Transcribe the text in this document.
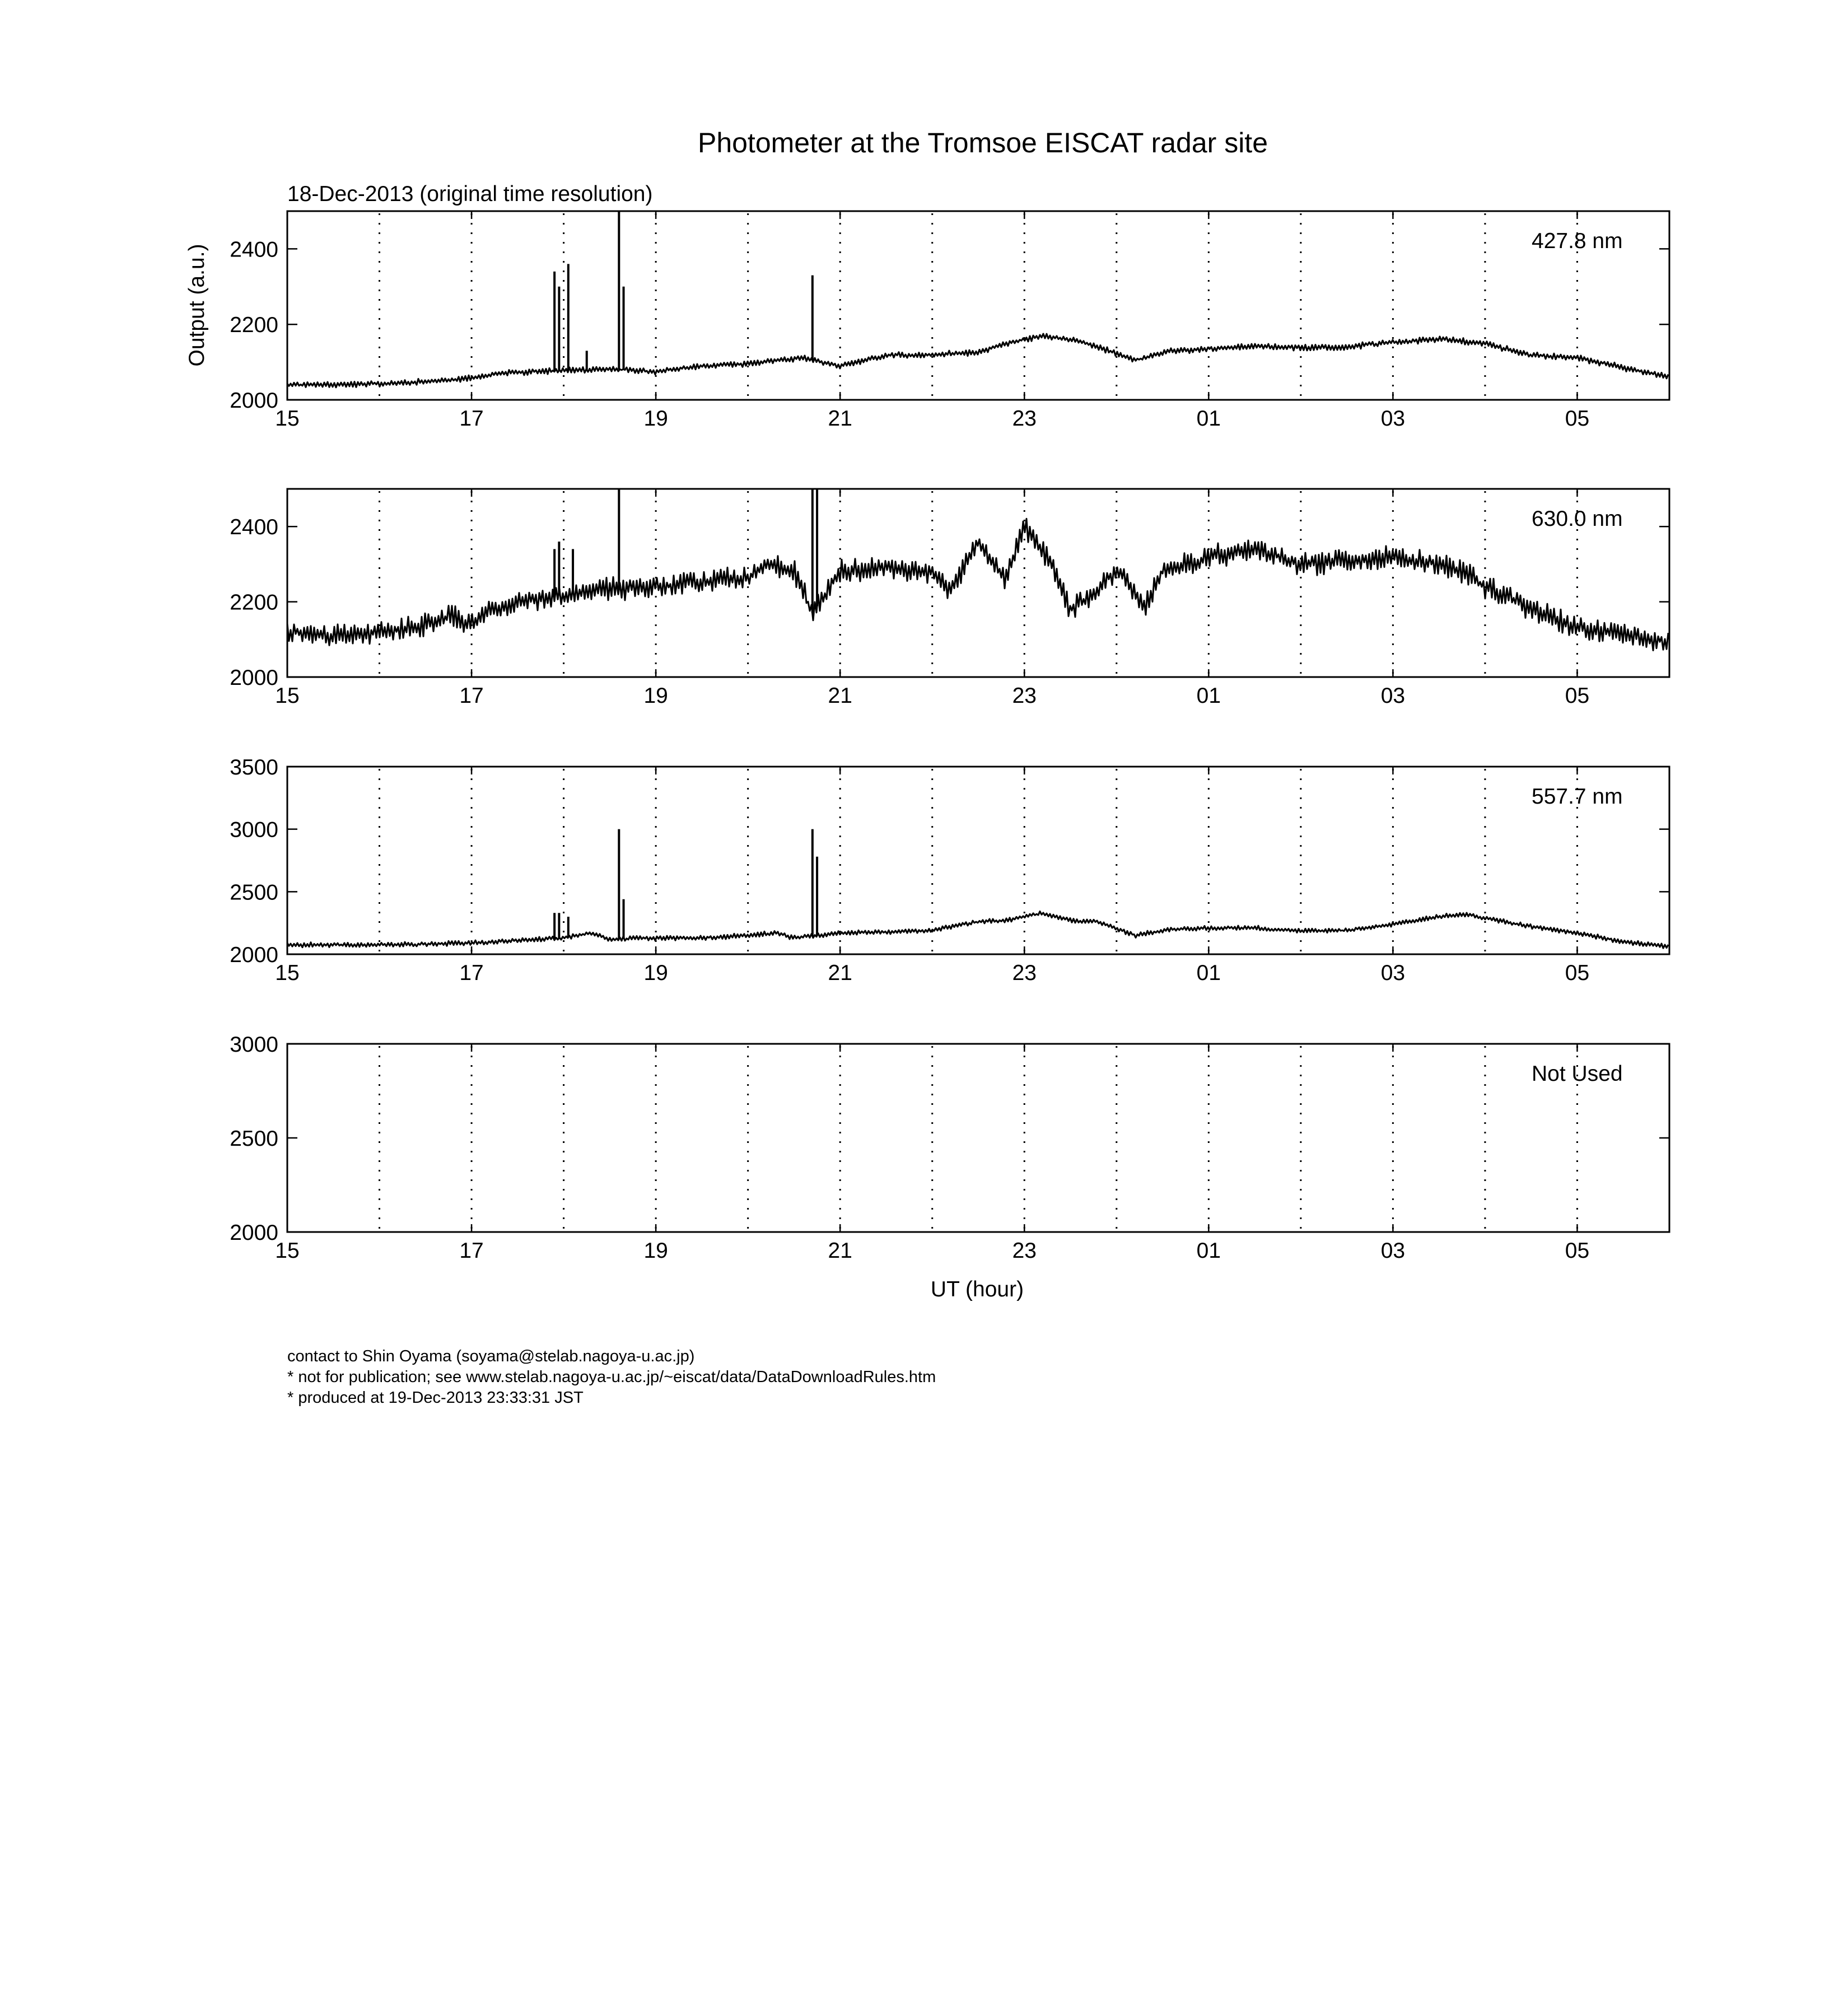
Photometer at the Tromsoe EISCAT radar site
18-Dec-2013 (original time resolution)
Output (a.u.)
UT (hour)
15	17	19	21	23	01	03	05
2000
2200
2400	427.8 nm
15	17	19	21	23	01	03	05
2000
2200
2400	630.0 nm
15	17	19	21	23	01	03	05
2000
2500
3000
3500
557.7 nm
15	17	19	21	23	01	03	05
2000
2500
3000
Not Used
contact to Shin Oyama (soyama@stelab.nagoya-u.ac.jp)
* not for publication; see www.stelab.nagoya-u.ac.jp/~eiscat/data/DataDownloadRules.htm
* produced at 19-Dec-2013 23:33:31 JST
